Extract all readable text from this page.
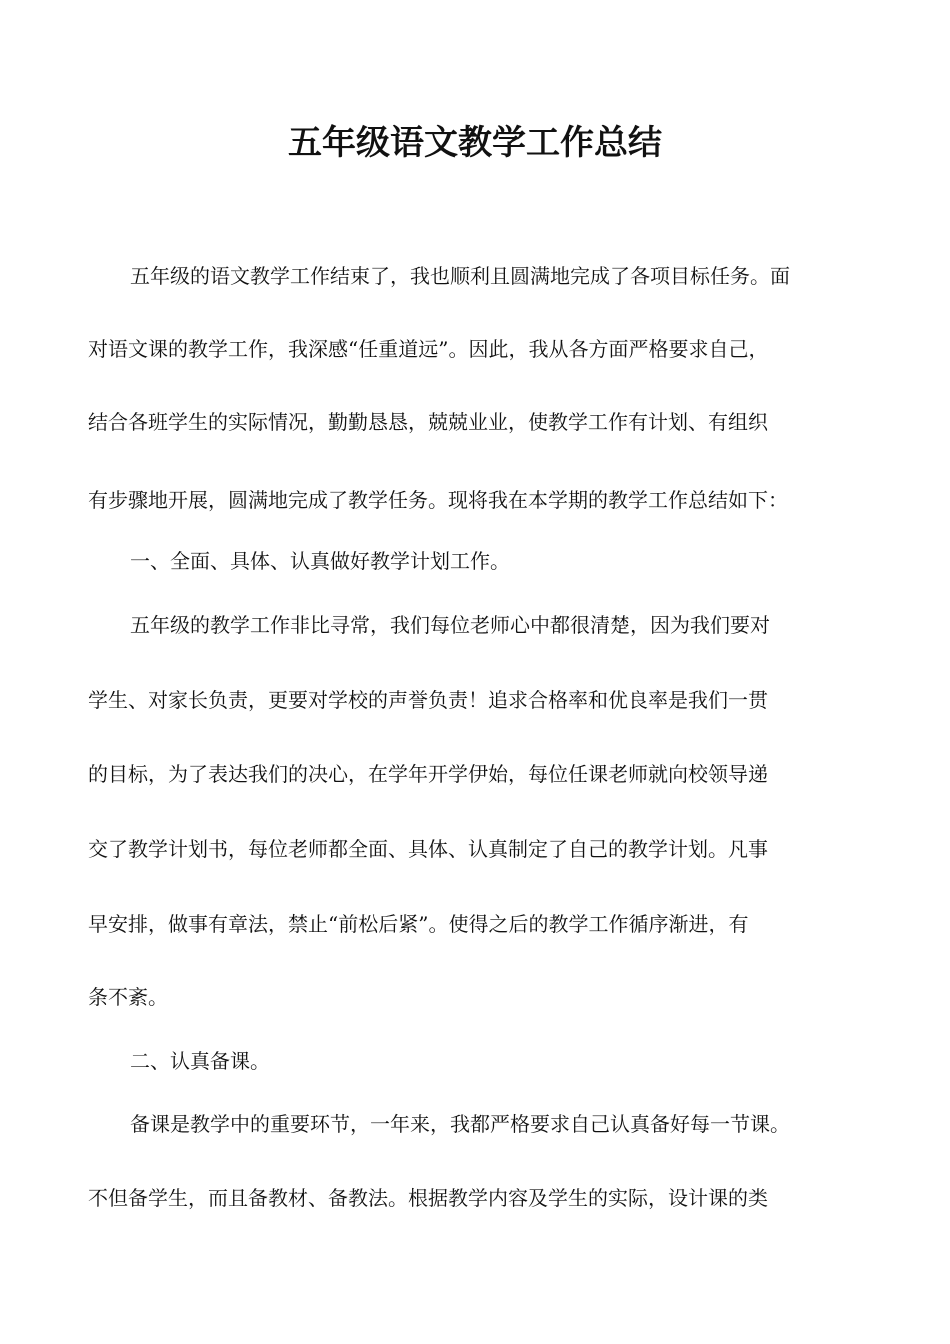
五年级语文教学工作总结

五年级的语文教学工作结束了，我也顺利且圆满地完成了各项目标任务。面

对语文课的教学工作，我深感“任重道远”。因此，我从各方面严格要求自己，

结合各班学生的实际情况，勤勤恳恳，兢兢业业，使教学工作有计划、有组织

有步骤地开展，圆满地完成了教学任务。现将我在本学期的教学工作总结如下：

一、全面、具体、认真做好教学计划工作。

五年级的教学工作非比寻常，我们每位老师心中都很清楚，因为我们要对

学生、对家长负责，更要对学校的声誉负责！追求合格率和优良率是我们一贯

的目标，为了表达我们的决心，在学年开学伊始，每位任课老师就向校领导递

交了教学计划书，每位老师都全面、具体、认真制定了自己的教学计划。凡事

早安排，做事有章法，禁止“前松后紧”。使得之后的教学工作循序渐进，有

条不紊。

二、认真备课。

备课是教学中的重要环节，一年来，我都严格要求自己认真备好每一节课。

不但备学生，而且备教材、备教法。根据教学内容及学生的实际，设计课的类
